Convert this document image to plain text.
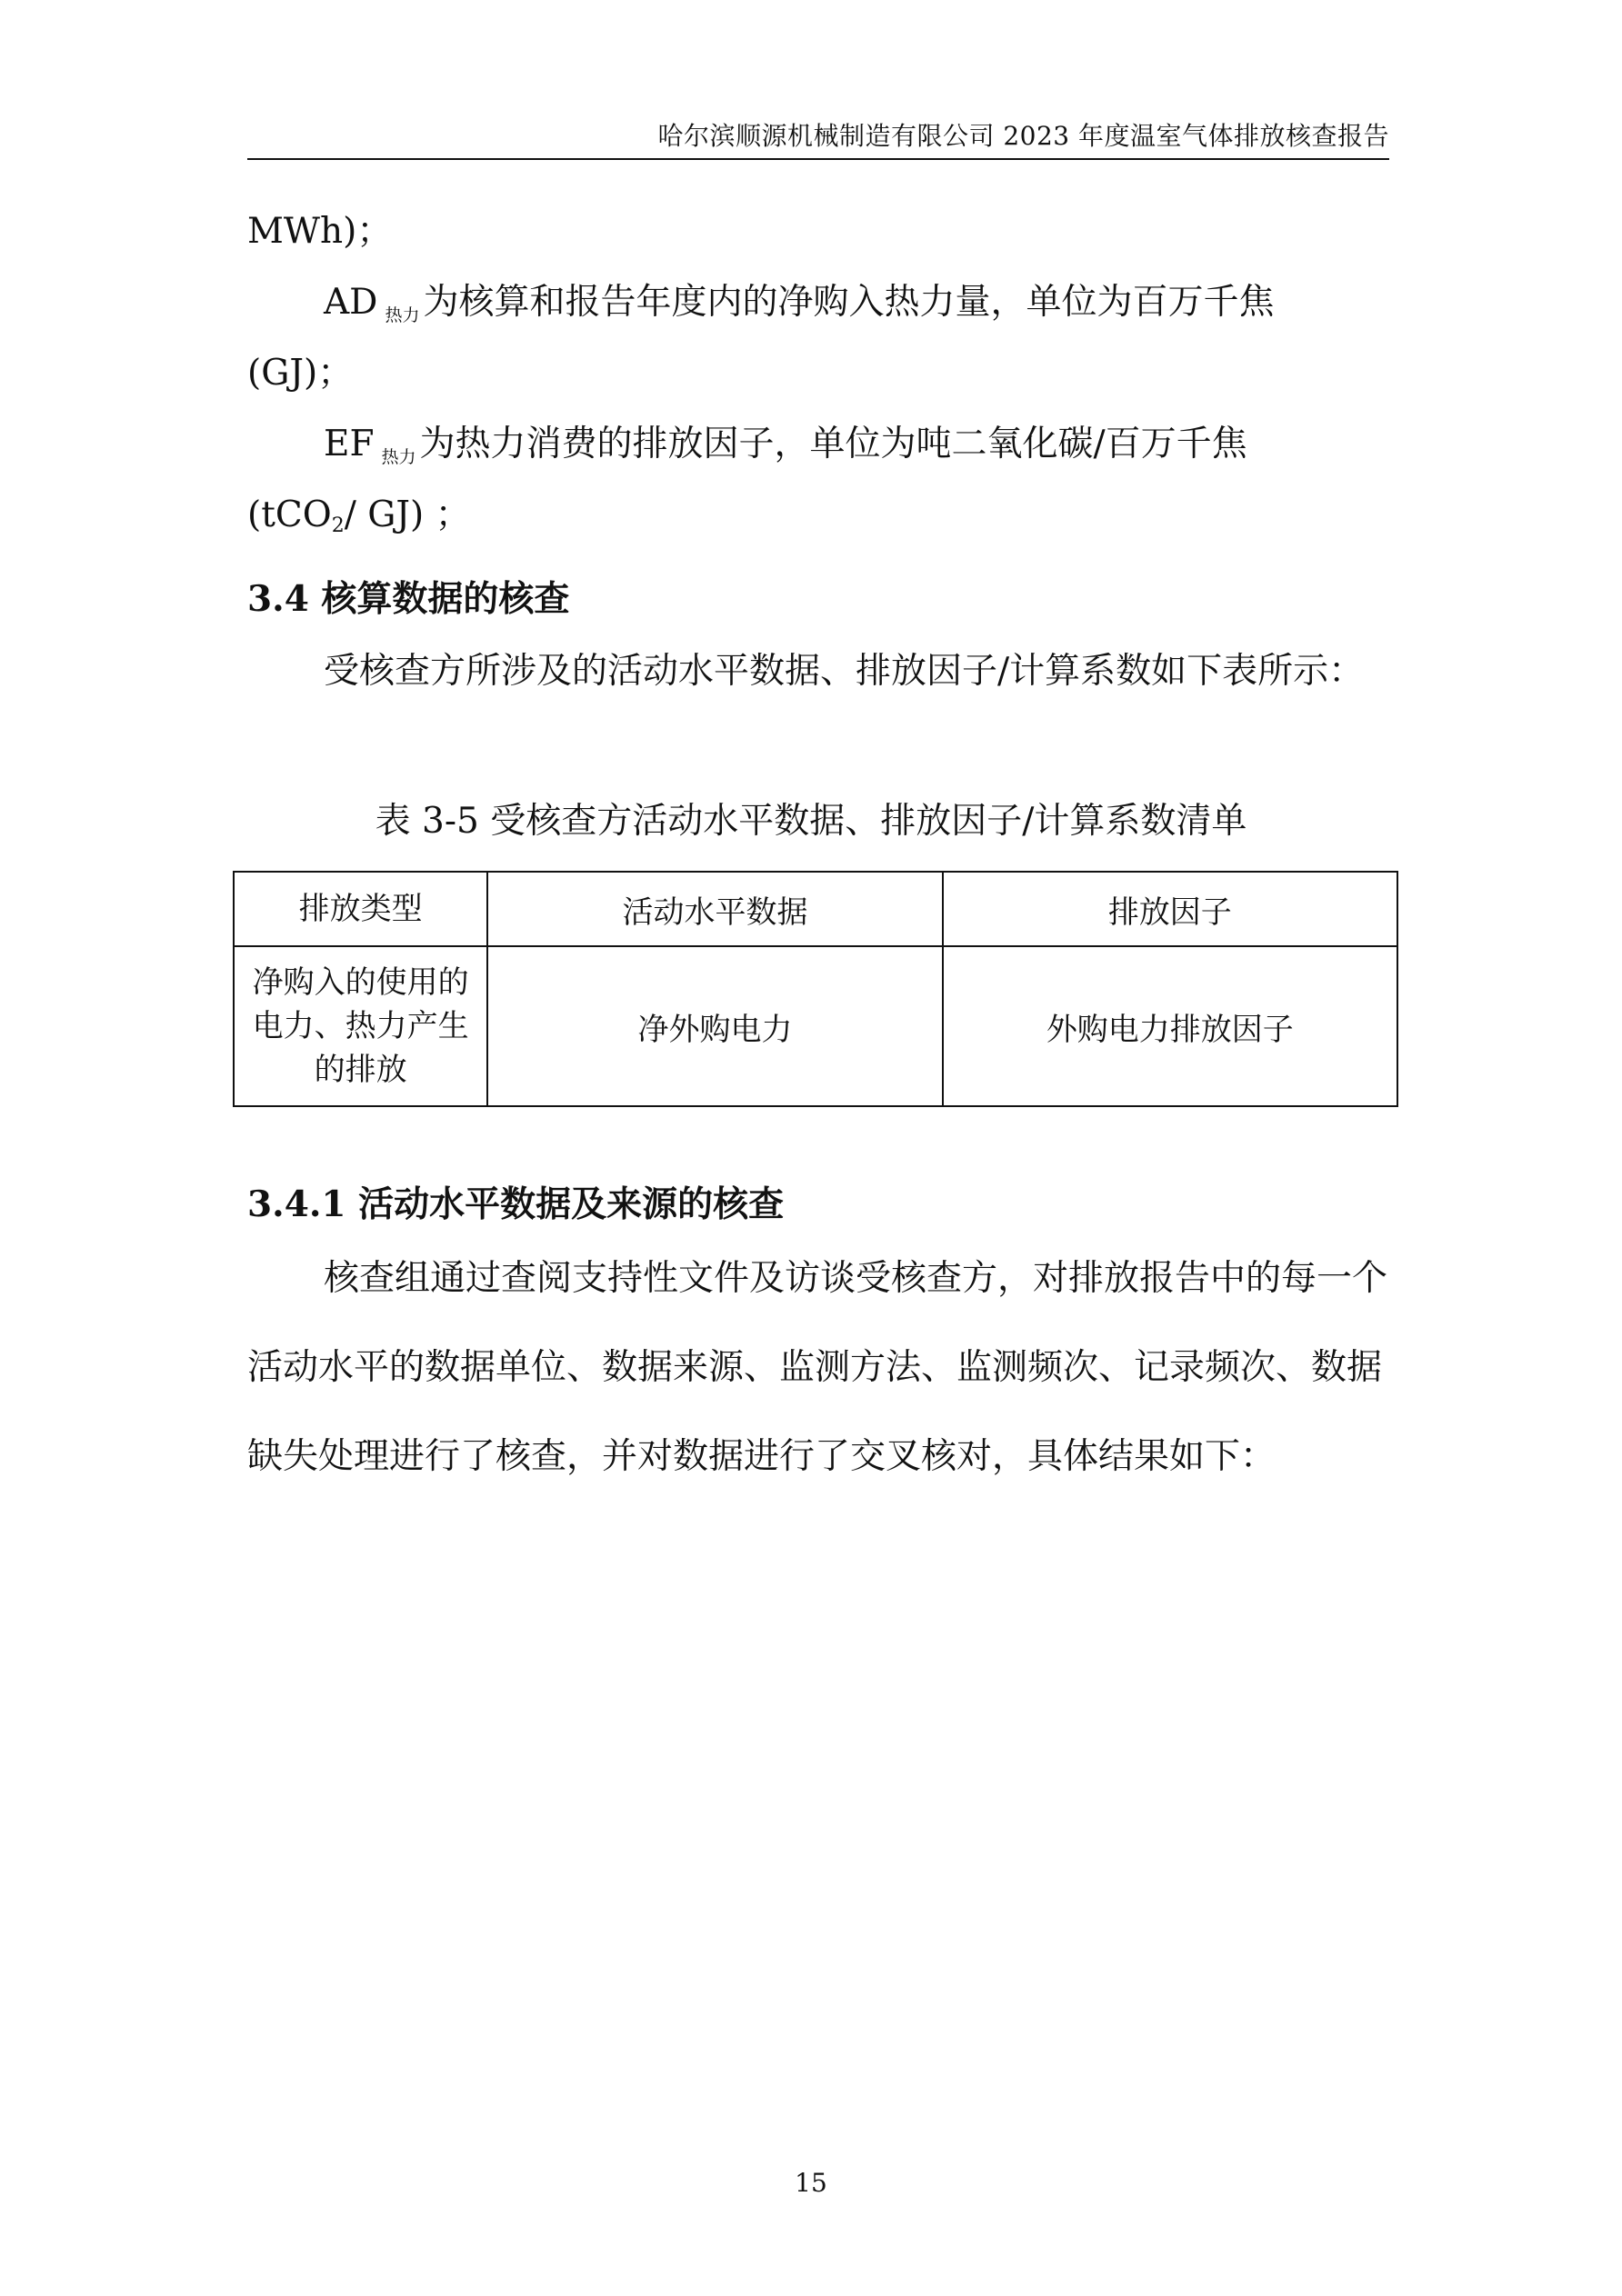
哈尔滨顺源机械制造有限公司 2023 年度温室气体排放核查报告

MWh)；

AD $_{热力}$ 为核算和报告年度内的净购入热力量，单位为百万千焦

(GJ)；

EF $_{热力}$ 为热力消费的排放因子，单位为吨二氧化碳/百万千焦

(tCO2/ GJ) ；

3.4 核算数据的核查

受核查方所涉及的活动水平数据、排放因子/计算系数如下表所示：

表 3-5 受核查方活动水平数据、排放因子/计算系数清单
排放类型	活动水平数据	排放因子
净购入的使用的电力、热力产生的排放	净外购电力	外购电力排放因子
3.4.1 活动水平数据及来源的核查

核查组通过查阅支持性文件及访谈受核查方，对排放报告中的每一个活动水平的数据单位、数据来源、监测方法、监测频次、记录频次、数据缺失处理进行了核查，并对数据进行了交叉核对，具体结果如下：

15
